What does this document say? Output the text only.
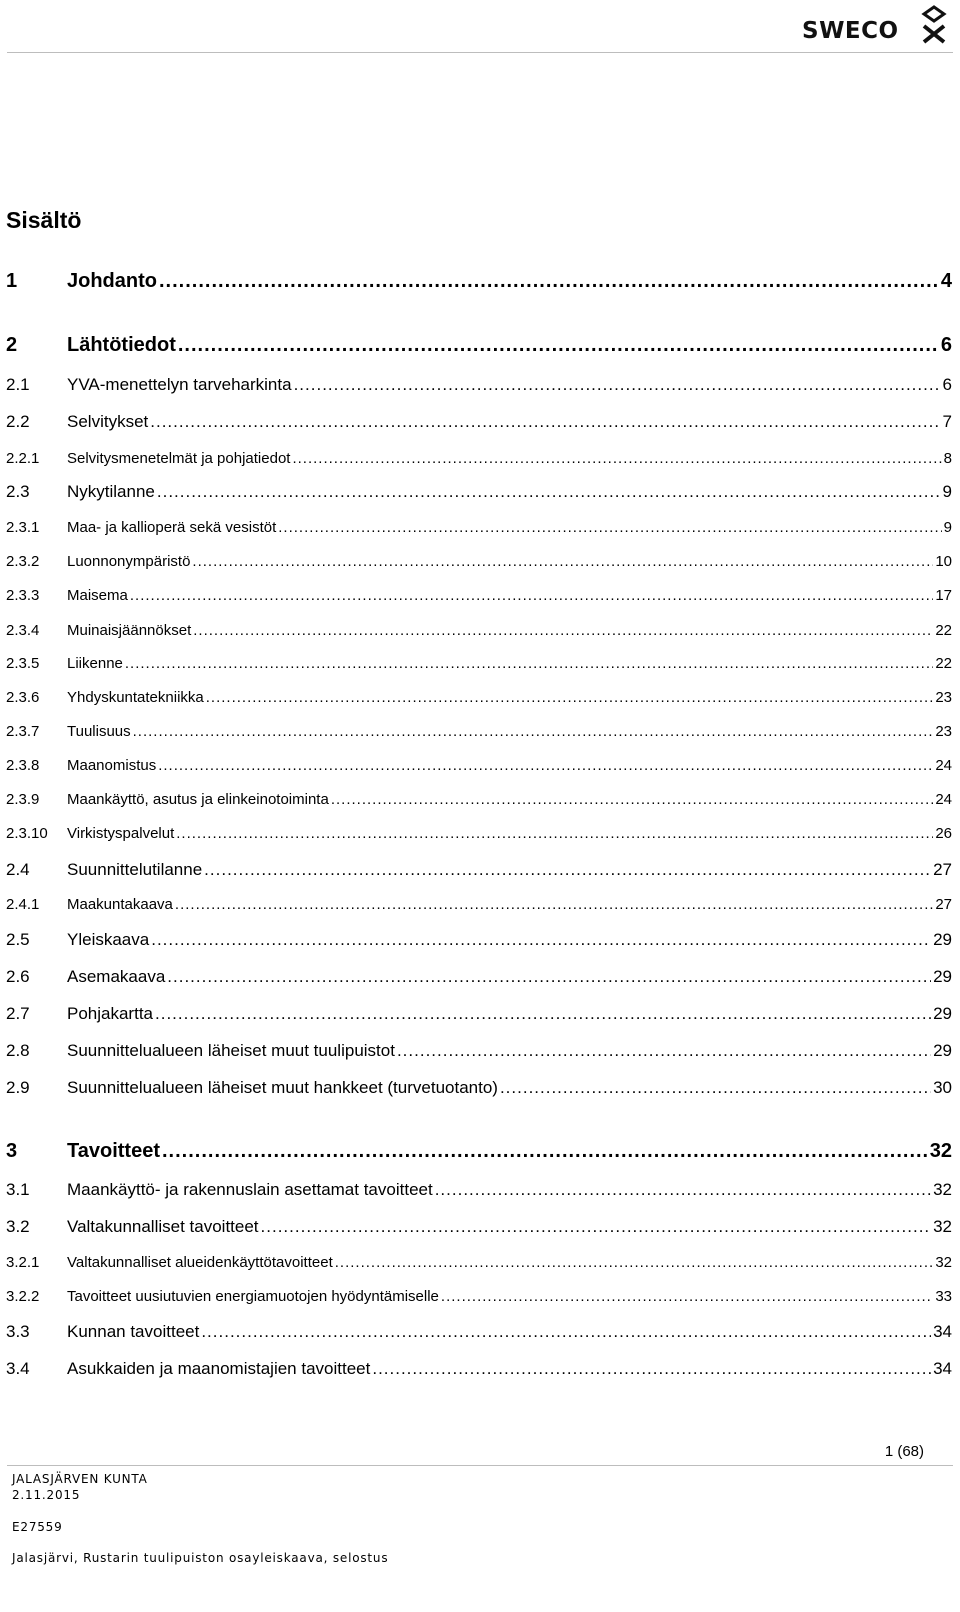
SWECO
Sisältö
1	Johdanto .....	4
2	Lähtötiedot .....	6
2.1	YVA-menettelyn tarveharkinta .....	6
2.2	Selvitykset .....	7
2.2.1	Selvitysmenetelmät ja pohjatiedot .....	8
2.3	Nykytilanne .....	9
2.3.1	Maa- ja kallioperä sekä vesistöt .....	9
2.3.2	Luonnonympäristö .....	10
2.3.3	Maisema .....	17
2.3.4	Muinaisjäännökset .....	22
2.3.5	Liikenne .....	22
2.3.6	Yhdyskuntatekniikka .....	23
2.3.7	Tuulisuus .....	23
2.3.8	Maanomistus .....	24
2.3.9	Maankäyttö, asutus ja elinkeinotoiminta .....	24
2.3.10	Virkistyspalvelut .....	26
2.4	Suunnittelutilanne .....	27
2.4.1	Maakuntakaava .....	27
2.5	Yleiskaava .....	29
2.6	Asemakaava .....	29
2.7	Pohjakartta .....	29
2.8	Suunnittelualueen läheiset muut tuulipuistot .....	29
2.9	Suunnittelualueen läheiset muut hankkeet (turvetuotanto) .....	30
3	Tavoitteet .....	32
3.1	Maankäyttö- ja rakennuslain asettamat tavoitteet .....	32
3.2	Valtakunnalliset tavoitteet .....	32
3.2.1	Valtakunnalliset alueidenkäyttötavoitteet .....	32
3.2.2	Tavoitteet uusiutuvien energiamuotojen hyödyntämiselle .....	33
3.3	Kunnan tavoitteet .....	34
3.4	Asukkaiden ja maanomistajien tavoitteet .....	34
1 (68)
JALASJÄRVEN KUNTA
2.11.2015
E27559
Jalasjärvi, Rustarin tuulipuiston osayleiskaava, selostus
